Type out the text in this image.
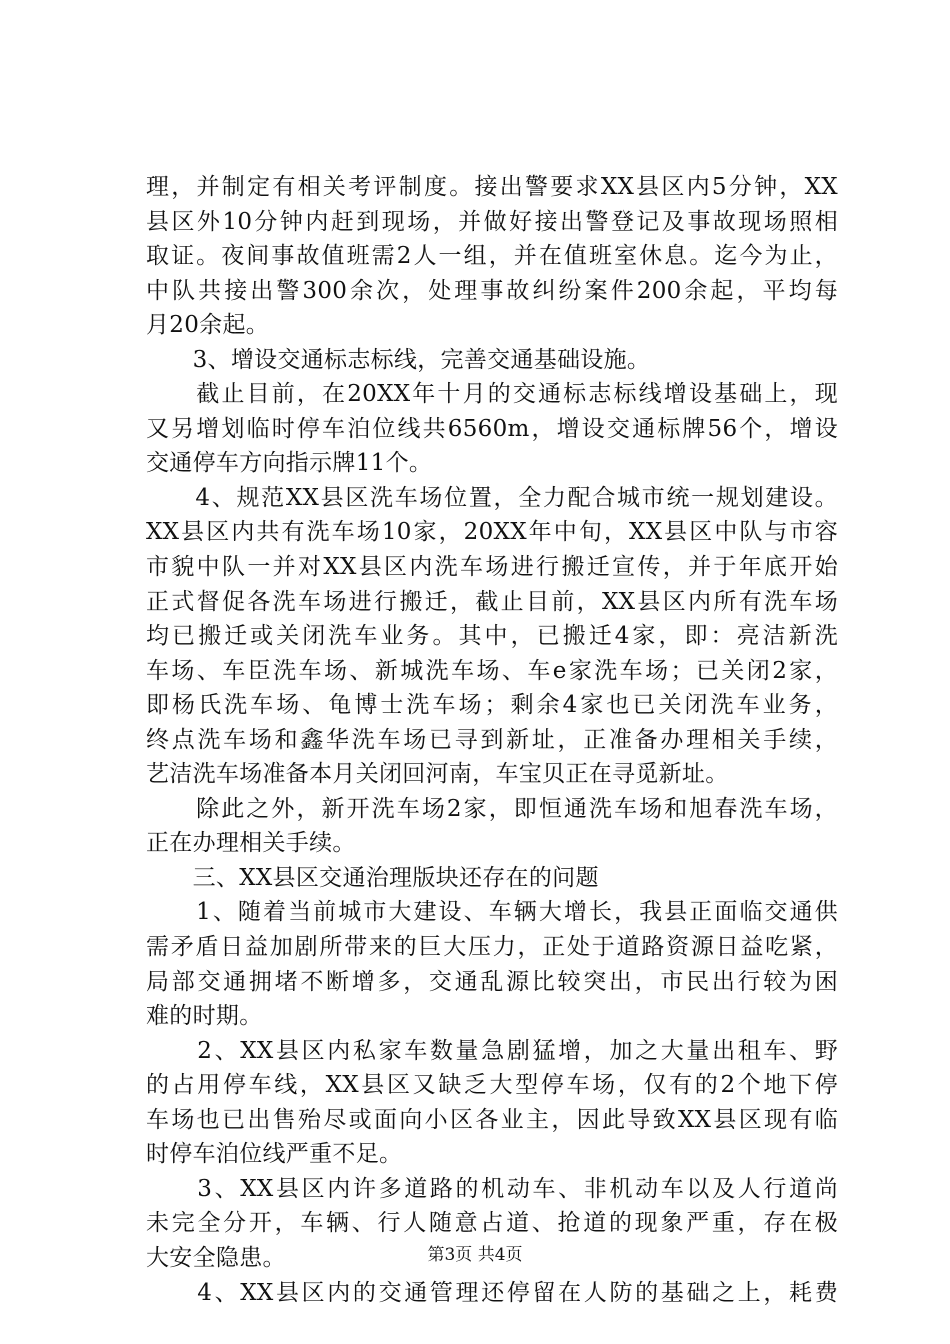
理，并制定有相关考评制度。接出警要求XX县区内5分钟，XX
县区外10分钟内赶到现场，并做好接出警登记及事故现场照相
取证。夜间事故值班需2人一组，并在值班室休息。迄今为止，
中队共接出警300余次，处理事故纠纷案件200余起，平均每
月20余起。
　　3、增设交通标志标线，完善交通基础设施。
　　截止目前，在20XX年十月的交通标志标线增设基础上，现
又另增划临时停车泊位线共6560m，增设交通标牌56个，增设
交通停车方向指示牌11个。
　　4、规范XX县区洗车场位置，全力配合城市统一规划建设。
XX县区内共有洗车场10家，20XX年中旬，XX县区中队与市容
市貌中队一并对XX县区内洗车场进行搬迁宣传，并于年底开始
正式督促各洗车场进行搬迁，截止目前，XX县区内所有洗车场
均已搬迁或关闭洗车业务。其中，已搬迁4家，即：亮洁新洗
车场、车臣洗车场、新城洗车场、车e家洗车场；已关闭2家，
即杨氏洗车场、龟博士洗车场；剩余4家也已关闭洗车业务，
终点洗车场和鑫华洗车场已寻到新址，正准备办理相关手续，
艺洁洗车场准备本月关闭回河南，车宝贝正在寻觅新址。
　　除此之外，新开洗车场2家，即恒通洗车场和旭春洗车场，
正在办理相关手续。
　　三、XX县区交通治理版块还存在的问题
　　1、随着当前城市大建设、车辆大增长，我县正面临交通供
需矛盾日益加剧所带来的巨大压力，正处于道路资源日益吃紧，
局部交通拥堵不断增多，交通乱源比较突出，市民出行较为困
难的时期。
　　2、XX县区内私家车数量急剧猛增，加之大量出租车、野
的占用停车线，XX县区又缺乏大型停车场，仅有的2个地下停
车场也已出售殆尽或面向小区各业主，因此导致XX县区现有临
时停车泊位线严重不足。
　　3、XX县区内许多道路的机动车、非机动车以及人行道尚
未完全分开，车辆、行人随意占道、抢道的现象严重，存在极
大安全隐患。
　　4、XX县区内的交通管理还停留在人防的基础之上，耗费
第3页 共4页
